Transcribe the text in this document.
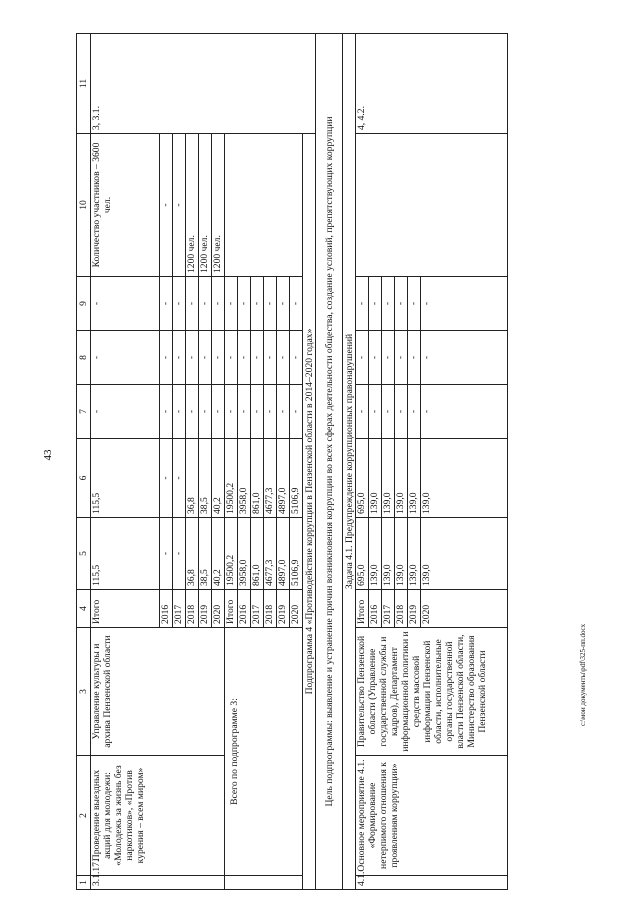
43
c:\мои документы\pdf\325-пп.docx
1	2	3	4	5	6	7	8	9	10	11
3.1.17.	Проведение выездных акций для молодежи: «Молодежь за жизнь без наркотиков», «Против курения – всем миром»	Управление культуры и архива Пензенской области	Итого	115,5	115,5	-	-	-	Количество участников – 3600 чел.	3, 3.1.
			2016	-	-	-	-	-	-	
			2017	-	-	-	-	-	-	
			2018	36,8	36,8	-	-	-	1200 чел.	
			2019	38,5	38,5	-	-	-	1200 чел.	
			2020	40,2	40,2	-	-	-	1200 чел.	
	Всего по подпрограмме 3:		Итого	19500,2	19500,2	-	-	-		
			2016	3958,0	3958,0	-	-	-		
			2017	861,0	861,0	-	-	-		
			2018	4677,3	4677,3	-	-	-		
			2019	4897,0	4897,0	-	-	-		
			2020	5106,9	5106,9	-	-	-		
Подпрограмма 4 «Противодействие коррупции в Пензенской области в 2014–2020 годах»										
Цель подпрограммы: выявление и устранение причин возникновения коррупции во всех сферах деятельности общества, создание условий, препятствующих коррупции										
Задача 4.1. Предупреждение коррупционных правонарушений										
4.1.	Основное мероприятие 4.1. «Формирование нетерпимого отношения к проявлениям коррупции»	Правительство Пензенской области (Управление государственной службы и кадров), Департамент информационной политики и средств массовой информации Пензенской области, исполнительные органы государственной власти Пензенской области, Министерство образования Пензенской области	Итого	695,0	695,0	-	-	-		4, 4.2.
			2016	139,0	139,0	-	-	-		
			2017	139,0	139,0	-	-	-		
			2018	139,0	139,0	-	-	-		
			2019	139,0	139,0	-	-	-		
			2020	139,0	139,0	-	-	-		
